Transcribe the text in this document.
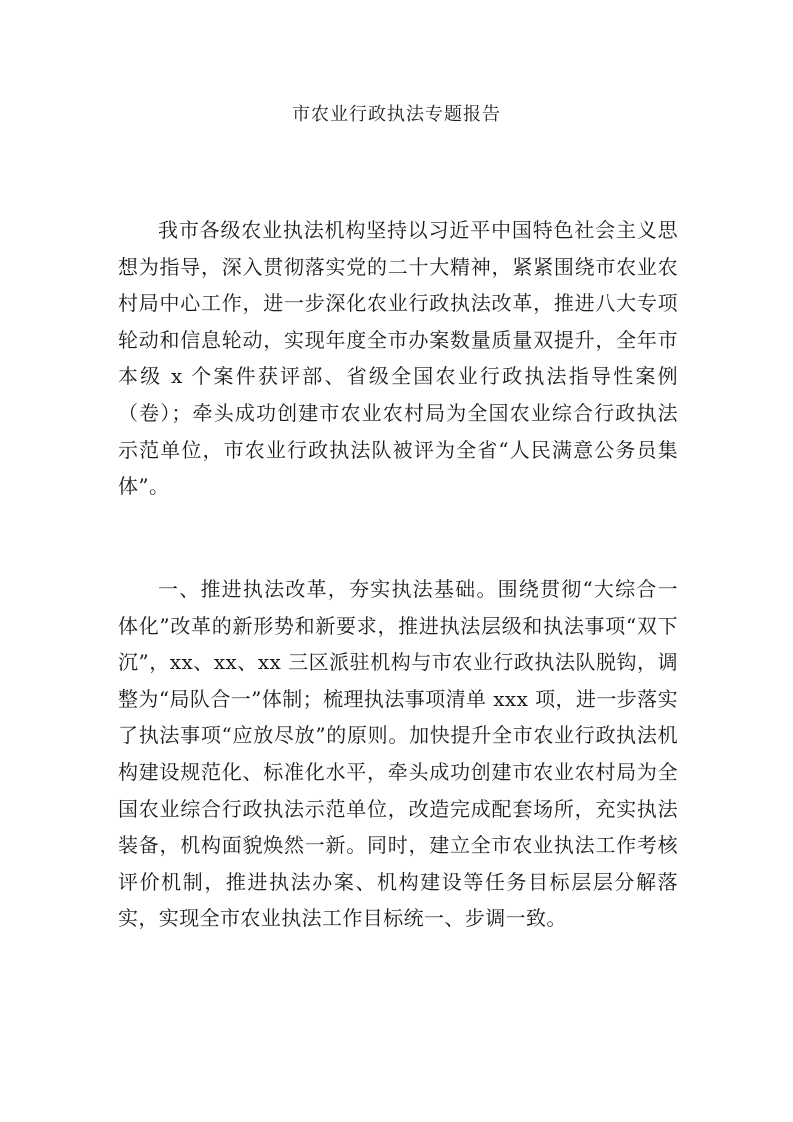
市农业行政执法专题报告

我市各级农业执法机构坚持以习近平中国特色社会主义思想为指导，深入贯彻落实党的二十大精神，紧紧围绕市农业农村局中心工作，进一步深化农业行政执法改革，推进八大专项轮动和信息轮动，实现年度全市办案数量质量双提升，全年市本级 x 个案件获评部、省级全国农业行政执法指导性案例（卷）；牵头成功创建市农业农村局为全国农业综合行政执法示范单位，市农业行政执法队被评为全省“人民满意公务员集体”。

一、推进执法改革，夯实执法基础。围绕贯彻“大综合一体化”改革的新形势和新要求，推进执法层级和执法事项“双下沉”，xx、xx、xx 三区派驻机构与市农业行政执法队脱钩，调整为“局队合一”体制；梳理执法事项清单 xxx 项，进一步落实了执法事项“应放尽放”的原则。加快提升全市农业行政执法机构建设规范化、标准化水平，牵头成功创建市农业农村局为全国农业综合行政执法示范单位，改造完成配套场所，充实执法装备，机构面貌焕然一新。同时，建立全市农业执法工作考核评价机制，推进执法办案、机构建设等任务目标层层分解落实，实现全市农业执法工作目标统一、步调一致。
